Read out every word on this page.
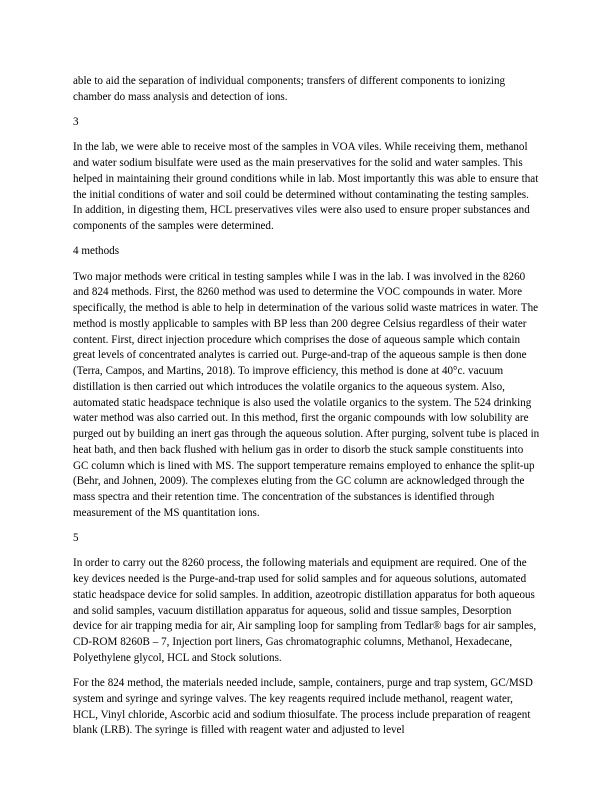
able to aid the separation of individual components; transfers of different components to ionizing chamber do mass analysis and detection of ions.

3

In the lab, we were able to receive most of the samples in VOA viles. While receiving them, methanol and water sodium bisulfate were used as the main preservatives for the solid and water samples. This helped in maintaining their ground conditions while in lab. Most importantly this was able to ensure that the initial conditions of water and soil could be determined without contaminating the testing samples. In addition, in digesting them, HCL preservatives viles were also used to ensure proper substances and components of the samples were determined.

4 methods

Two major methods were critical in testing samples while I was in the lab. I was involved in the 8260 and 824 methods. First, the 8260 method was used to determine the VOC compounds in water. More specifically, the method is able to help in determination of the various solid waste matrices in water. The method is mostly applicable to samples with BP less than 200 degree Celsius regardless of their water content. First, direct injection procedure which comprises the dose of aqueous sample which contain great levels of concentrated analytes is carried out. Purge-and-trap of the aqueous sample is then done (Terra, Campos, and Martins, 2018). To improve efficiency, this method is done at 40°c. vacuum distillation is then carried out which introduces the volatile organics to the aqueous system. Also, automated static headspace technique is also used the volatile organics to the system. The 524 drinking water method was also carried out. In this method, first the organic compounds with low solubility are purged out by building an inert gas through the aqueous solution. After purging, solvent tube is placed in heat bath, and then back flushed with helium gas in order to disorb the stuck sample constituents into GC column which is lined with MS. The support temperature remains employed to enhance the split-up (Behr, and Johnen, 2009). The complexes eluting from the GC column are acknowledged through the mass spectra and their retention time. The concentration of the substances is identified through measurement of the MS quantitation ions.

5

In order to carry out the 8260 process, the following materials and equipment are required. One of the key devices needed is the Purge-and-trap used for solid samples and for aqueous solutions, automated static headspace device for solid samples. In addition, azeotropic distillation apparatus for both aqueous and solid samples, vacuum distillation apparatus for aqueous, solid and tissue samples, Desorption device for air trapping media for air, Air sampling loop for sampling from Tedlar® bags for air samples, CD-ROM 8260B – 7, Injection port liners, Gas chromatographic columns, Methanol, Hexadecane, Polyethylene glycol, HCL and Stock solutions.

For the 824 method, the materials needed include, sample, containers, purge and trap system, GC/MSD system and syringe and syringe valves. The key reagents required include methanol, reagent water, HCL, Vinyl chloride, Ascorbic acid and sodium thiosulfate. The process include preparation of reagent blank (LRB). The syringe is filled with reagent water and adjusted to level
